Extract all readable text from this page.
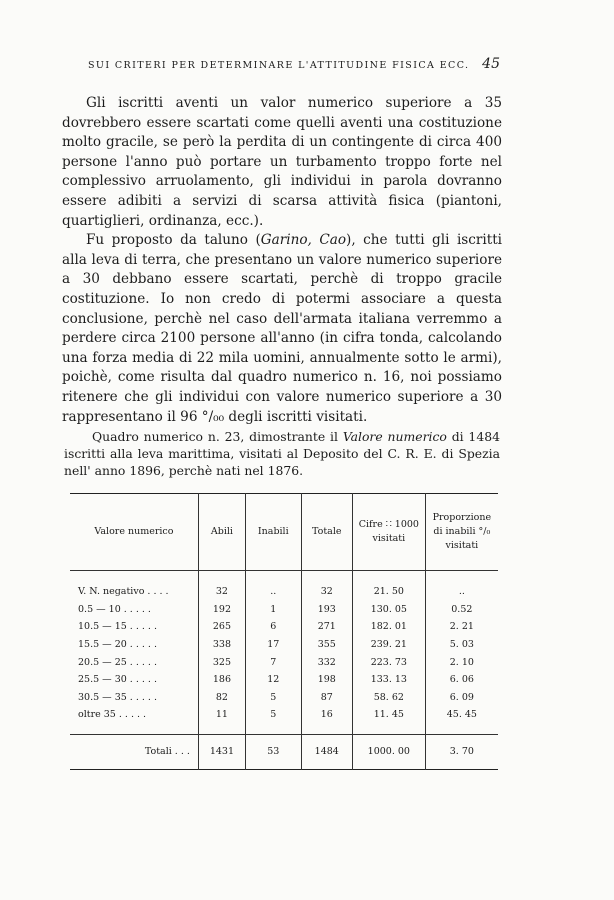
SUI CRITERI PER DETERMINARE L'ATTITUDINE FISICA ECC. 45

Gli iscritti aventi un valor numerico superiore a 35 dovrebbero essere scartati come quelli aventi una costituzione molto gracile, se però la perdita di un contingente di circa 400 persone l'anno può portare un turbamento troppo forte nel complessivo arruolamento, gli individui in parola dovranno essere adibiti a servizi di scarsa attività fisica (piantoni, quartiglieri, ordinanza, ecc.).

Fu proposto da taluno (Garino, Cao), che tutti gli iscritti alla leva di terra, che presentano un valore numerico superiore a 30 debbano essere scartati, perchè di troppo gracile costituzione. Io non credo di potermi associare a questa conclusione, perchè nel caso dell'armata italiana verremmo a perdere circa 2100 persone all'anno (in cifra tonda, calcolando una forza media di 22 mila uomini, annualmente sotto le armi), poichè, come risulta dal quadro numerico n. 16, noi possiamo ritenere che gli individui con valore numerico superiore a 30 rappresentano il 96 °/₀₀ degli iscritti visitati.

Quadro numerico n. 23, dimostrante il Valore numerico di 1484 iscritti alla leva marittima, visitati al Deposito del C. R. E. di Spezia nell' anno 1896, perchè nati nel 1876.

Valore numerico	Abili	Inabili	Totale	Cifre ∷ 1000 visitati	Proporzione di inabili °/₀ visitati
V. N. negativo . . . .	32	..	32	21. 50	..
0.5 — 10 . . . . .	192	1	193	130. 05	0.52
10.5 — 15 . . . . .	265	6	271	182. 01	2. 21
15.5 — 20 . . . . .	338	17	355	239. 21	5. 03
20.5 — 25 . . . . .	325	7	332	223. 73	2. 10
25.5 — 30 . . . . .	186	12	198	133. 13	6. 06
30.5 — 35 . . . . .	82	5	87	58. 62	6. 09
oltre 35 . . . . .	11	5	16	11. 45	45. 45
Totali . . .	1431	53	1484	1000. 00	3. 70
